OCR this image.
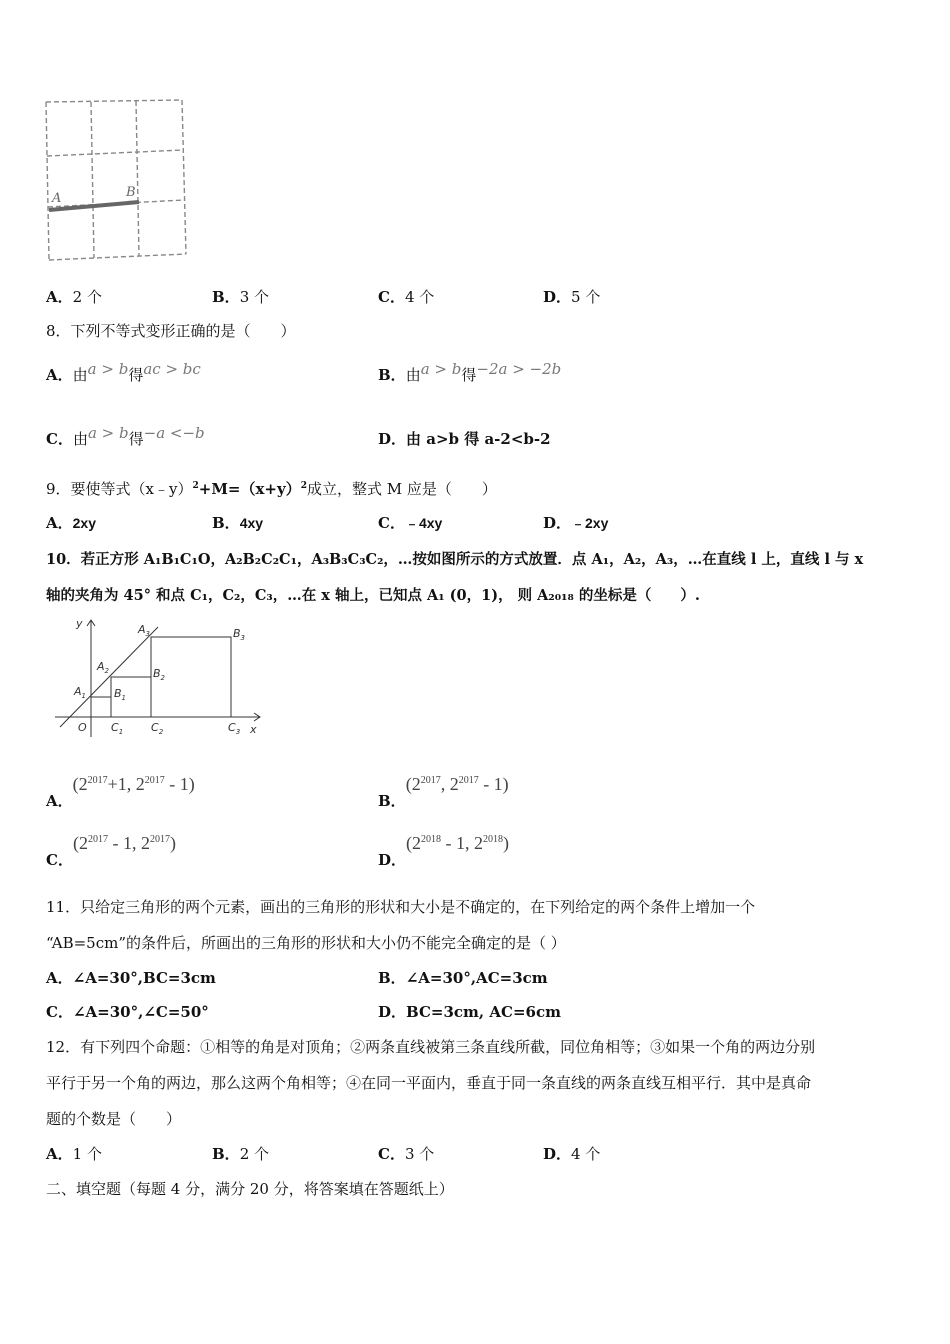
A	B
A．2 个	B．3 个	C．4 个	D．5 个
8．下列不等式变形正确的是（　　）
A．由a > b得ac > bc	B．由a > b得−2a > −2b
C．由a > b得−a <−b	D．由 a>b 得 a-2<b-2
9．要使等式$(x﹣y)^2+M=(x+y)^2$成立，整式 M 应是（　　）
A．2xy	B．4xy	C．﹣4xy	D．﹣2xy
10．若正方形 A₁B₁C₁O，A₂B₂C₂C₁，A₃B₃C₃C₂，…按如图所示的方式放置．点 A₁，A₂，A₃，…在直线 l 上，直线 l 与 x
轴的夹角为 45° 和点 C₁，C₂，C₃，…在 x 轴上，已知点 A₁ (0，1)， 则 A₂₀₁₈ 的坐标是（　　）.
y
x
O
$A_1$
$A_2$
$A_3$
$B_1$
$B_2$
$B_3$
$C_1$	$C_2$	$C_3$
A．($2^{2017}+1$, $2^{2017} - 1$)
B．($2^{2017}$, $2^{2017} - 1$)
C．($2^{2017} - 1$, $2^{2017}$)
D．($2^{2018} - 1$, $2^{2018}$)
11．只给定三角形的两个元素，画出的三角形的形状和大小是不确定的，在下列给定的两个条件上增加一个
“AB=5cm”的条件后，所画出的三角形的形状和大小仍不能完全确定的是（ ）
A．∠A=30°,BC=3cm	B．∠A=30°,AC=3cm
C．∠A=30°,∠C=50°	D．BC=3cm, AC=6cm
12．有下列四个命题：①相等的角是对顶角；②两条直线被第三条直线所截，同位角相等；③如果一个角的两边分别
平行于另一个角的两边，那么这两个角相等；④在同一平面内，垂直于同一条直线的两条直线互相平行．其中是真命
题的个数是（　　）
A．1 个	B．2 个	C．3 个	D．4 个
二、填空题（每题 4 分，满分 20 分，将答案填在答题纸上）
